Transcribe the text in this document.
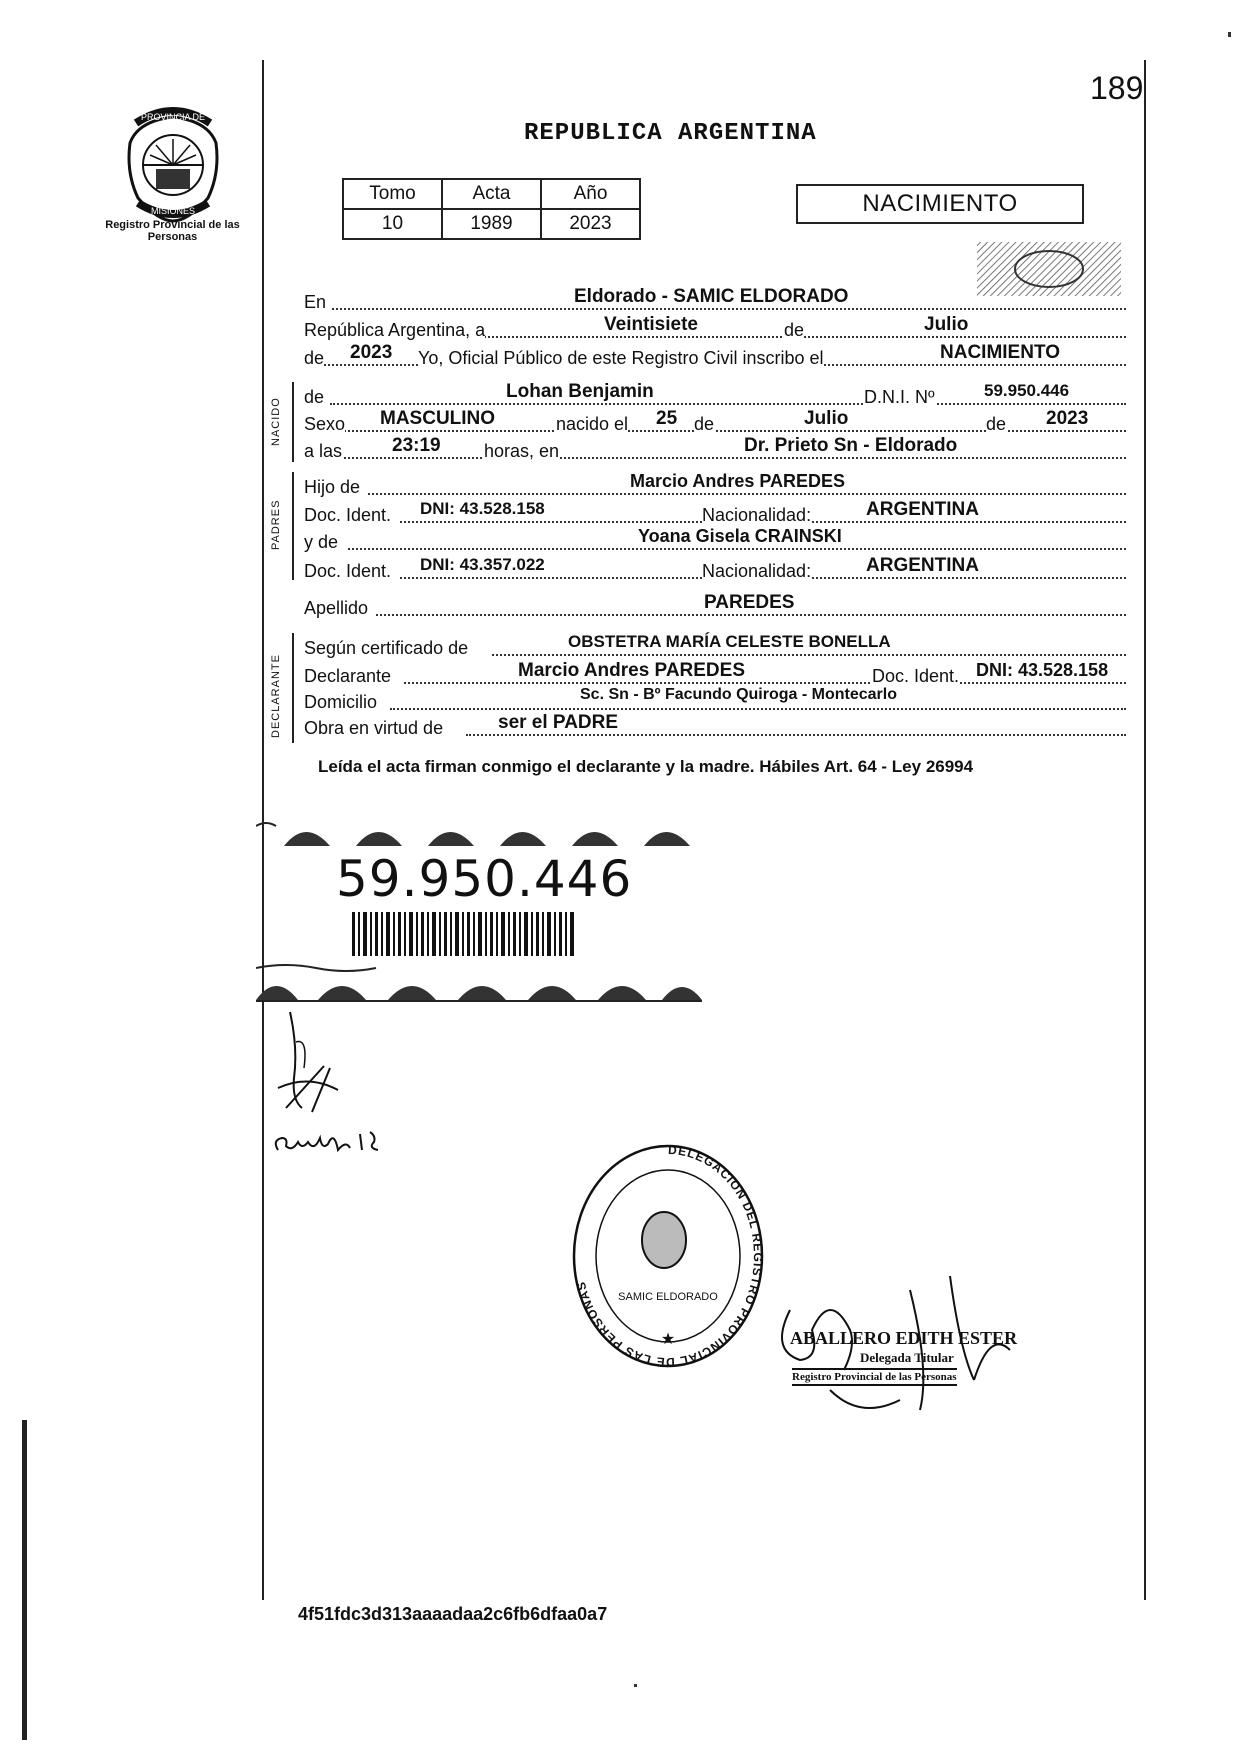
189
PROVINCIA DE
MISIONES
Registro Provincial de las Personas
REPUBLICA ARGENTINA
Tomo	Acta	Año
10	1989	2023
NACIMIENTO
En	Eldorado - SAMIC ELDORADO
República Argentina, a	Veintisiete	de	Julio
de 2023 Yo, Oficial Público de este Registro Civil inscribo el	NACIMIENTO
NACIDO
de	Lohan Benjamin	D.N.I. Nº	59.950.446
Sexo MASCULINO	nacido el 25 de	Julio	de 2023
a las	23:19 horas, en	Dr. Prieto Sn - Eldorado
PADRES
Hijo de	Marcio Andres PAREDES
Doc. Ident. DNI: 43.528.158	Nacionalidad:	ARGENTINA
y de	Yoana Gisela CRAINSKI
Doc. Ident. DNI: 43.357.022	Nacionalidad:	ARGENTINA
Apellido	PAREDES
DECLARANTE
Según certificado de	OBSTETRA MARÍA CELESTE BONELLA
Declarante	Marcio Andres PAREDES	Doc. Ident. DNI: 43.528.158
Domicilio	Sc. Sn - Bº Facundo Quiroga - Montecarlo
Obra en virtud de	ser el PADRE
Leída el acta firman conmigo el declarante y la madre. Hábiles Art. 64 - Ley 26994
59.950.446
DELEGACION DEL REGISTRO PROVINCIAL DE LAS PERSONAS
SAMIC ELDORADO
★	ABALLERO EDITH ESTER
Delegada Titular
Registro Provincial de las Personas
4f51fdc3d313aaaadaa2c6fb6dfaa0a7
